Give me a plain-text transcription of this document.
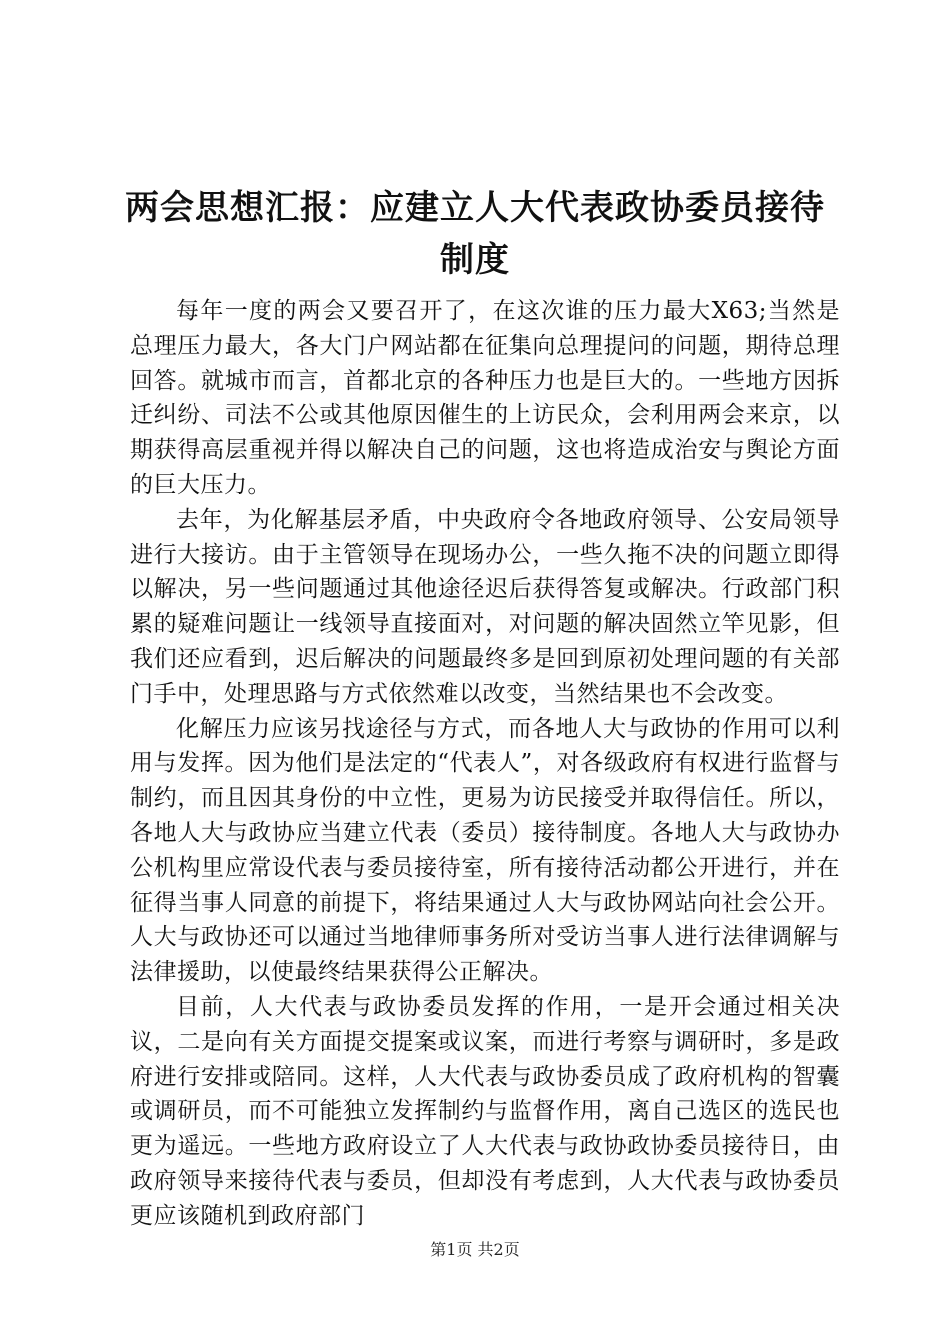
两会思想汇报：应建立人大代表政协委员接待制度

每年一度的两会又要召开了，在这次谁的压力最大X63;当然是总理压力最大，各大门户网站都在征集向总理提问的问题，期待总理回答。就城市而言，首都北京的各种压力也是巨大的。一些地方因拆迁纠纷、司法不公或其他原因催生的上访民众，会利用两会来京，以期获得高层重视并得以解决自己的问题，这也将造成治安与舆论方面的巨大压力。

去年，为化解基层矛盾，中央政府令各地政府领导、公安局领导进行大接访。由于主管领导在现场办公，一些久拖不决的问题立即得以解决，另一些问题通过其他途径迟后获得答复或解决。行政部门积累的疑难问题让一线领导直接面对，对问题的解决固然立竿见影，但我们还应看到，迟后解决的问题最终多是回到原初处理问题的有关部门手中，处理思路与方式依然难以改变，当然结果也不会改变。

化解压力应该另找途径与方式，而各地人大与政协的作用可以利用与发挥。因为他们是法定的“代表人”，对各级政府有权进行监督与制约，而且因其身份的中立性，更易为访民接受并取得信任。所以，各地人大与政协应当建立代表（委员）接待制度。各地人大与政协办公机构里应常设代表与委员接待室，所有接待活动都公开进行，并在征得当事人同意的前提下，将结果通过人大与政协网站向社会公开。人大与政协还可以通过当地律师事务所对受访当事人进行法律调解与法律援助，以使最终结果获得公正解决。

目前，人大代表与政协委员发挥的作用，一是开会通过相关决议，二是向有关方面提交提案或议案，而进行考察与调研时，多是政府进行安排或陪同。这样，人大代表与政协委员成了政府机构的智囊或调研员，而不可能独立发挥制约与监督作用，离自己选区的选民也更为遥远。一些地方政府设立了人大代表与政协政协委员接待日，由政府领导来接待代表与委员，但却没有考虑到，人大代表与政协委员更应该随机到政府部门

第1页 共2页
